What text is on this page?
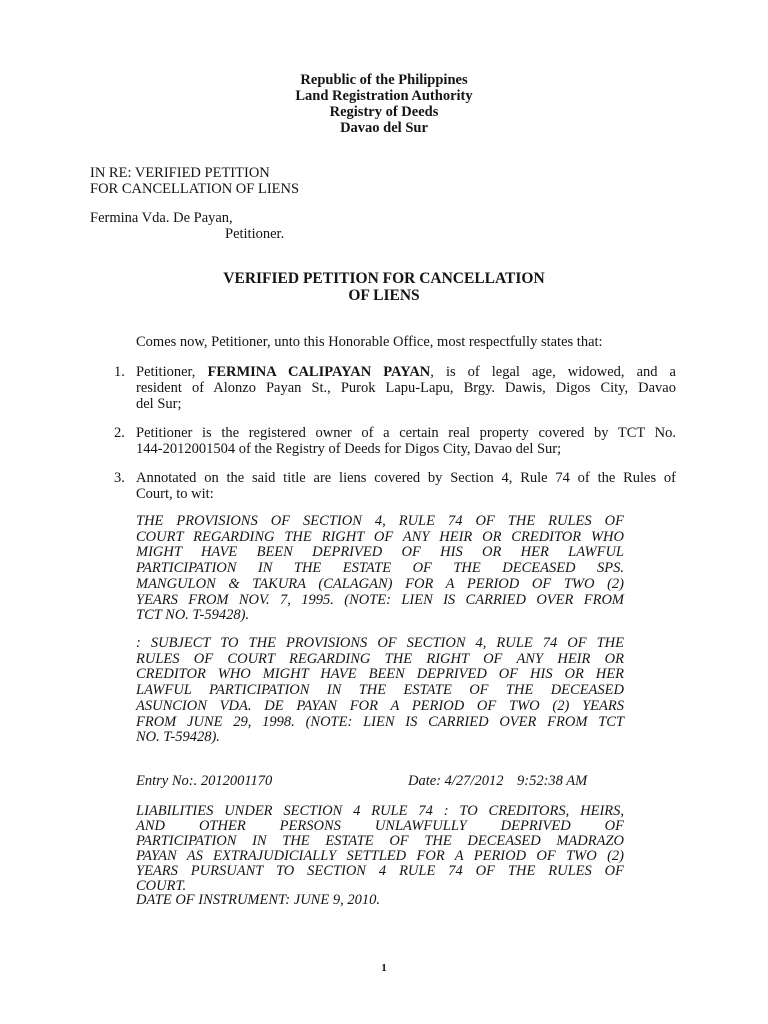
Republic of the Philippines
Land Registration Authority
Registry of Deeds
Davao del Sur
IN RE: VERIFIED PETITION
FOR CANCELLATION OF LIENS
Fermina Vda. De Payan,
Petitioner.
VERIFIED PETITION FOR CANCELLATION
OF LIENS
Comes now, Petitioner, unto this Honorable Office, most respectfully states that:
1. Petitioner, FERMINA CALIPAYAN PAYAN, is of legal age, widowed, and a
resident of Alonzo Payan St., Purok Lapu-Lapu, Brgy. Dawis, Digos City, Davao
del Sur;
2. Petitioner is the registered owner of a certain real property covered by TCT No.
144-2012001504 of the Registry of Deeds for Digos City, Davao del Sur;
3. Annotated on the said title are liens covered by Section 4, Rule 74 of the Rules of
Court, to wit:
THE PROVISIONS OF SECTION 4, RULE 74 OF THE RULES OF
COURT REGARDING THE RIGHT OF ANY HEIR OR CREDITOR WHO
MIGHT HAVE BEEN DEPRIVED OF HIS OR HER LAWFUL
PARTICIPATION IN THE ESTATE OF THE DECEASED SPS.
MANGULON & TAKURA (CALAGAN) FOR A PERIOD OF TWO (2)
YEARS FROM NOV. 7, 1995. (NOTE: LIEN IS CARRIED OVER FROM
TCT NO. T-59428).
: SUBJECT TO THE PROVISIONS OF SECTION 4, RULE 74 OF THE
RULES OF COURT REGARDING THE RIGHT OF ANY HEIR OR
CREDITOR WHO MIGHT HAVE BEEN DEPRIVED OF HIS OR HER
LAWFUL PARTICIPATION IN THE ESTATE OF THE DECEASED
ASUNCION VDA. DE PAYAN FOR A PERIOD OF TWO (2) YEARS
FROM JUNE 29, 1998. (NOTE: LIEN IS CARRIED OVER FROM TCT
NO. T-59428).
Entry No:. 2012001170	Date: 4/27/2012 9:52:38 AM
LIABILITIES UNDER SECTION 4 RULE 74 : TO CREDITORS, HEIRS,
AND OTHER PERSONS UNLAWFULLY DEPRIVED OF
PARTICIPATION IN THE ESTATE OF THE DECEASED MADRAZO
PAYAN AS EXTRAJUDICIALLY SETTLED FOR A PERIOD OF TWO (2)
YEARS PURSUANT TO SECTION 4 RULE 74 OF THE RULES OF
COURT.
DATE OF INSTRUMENT: JUNE 9, 2010.
1
